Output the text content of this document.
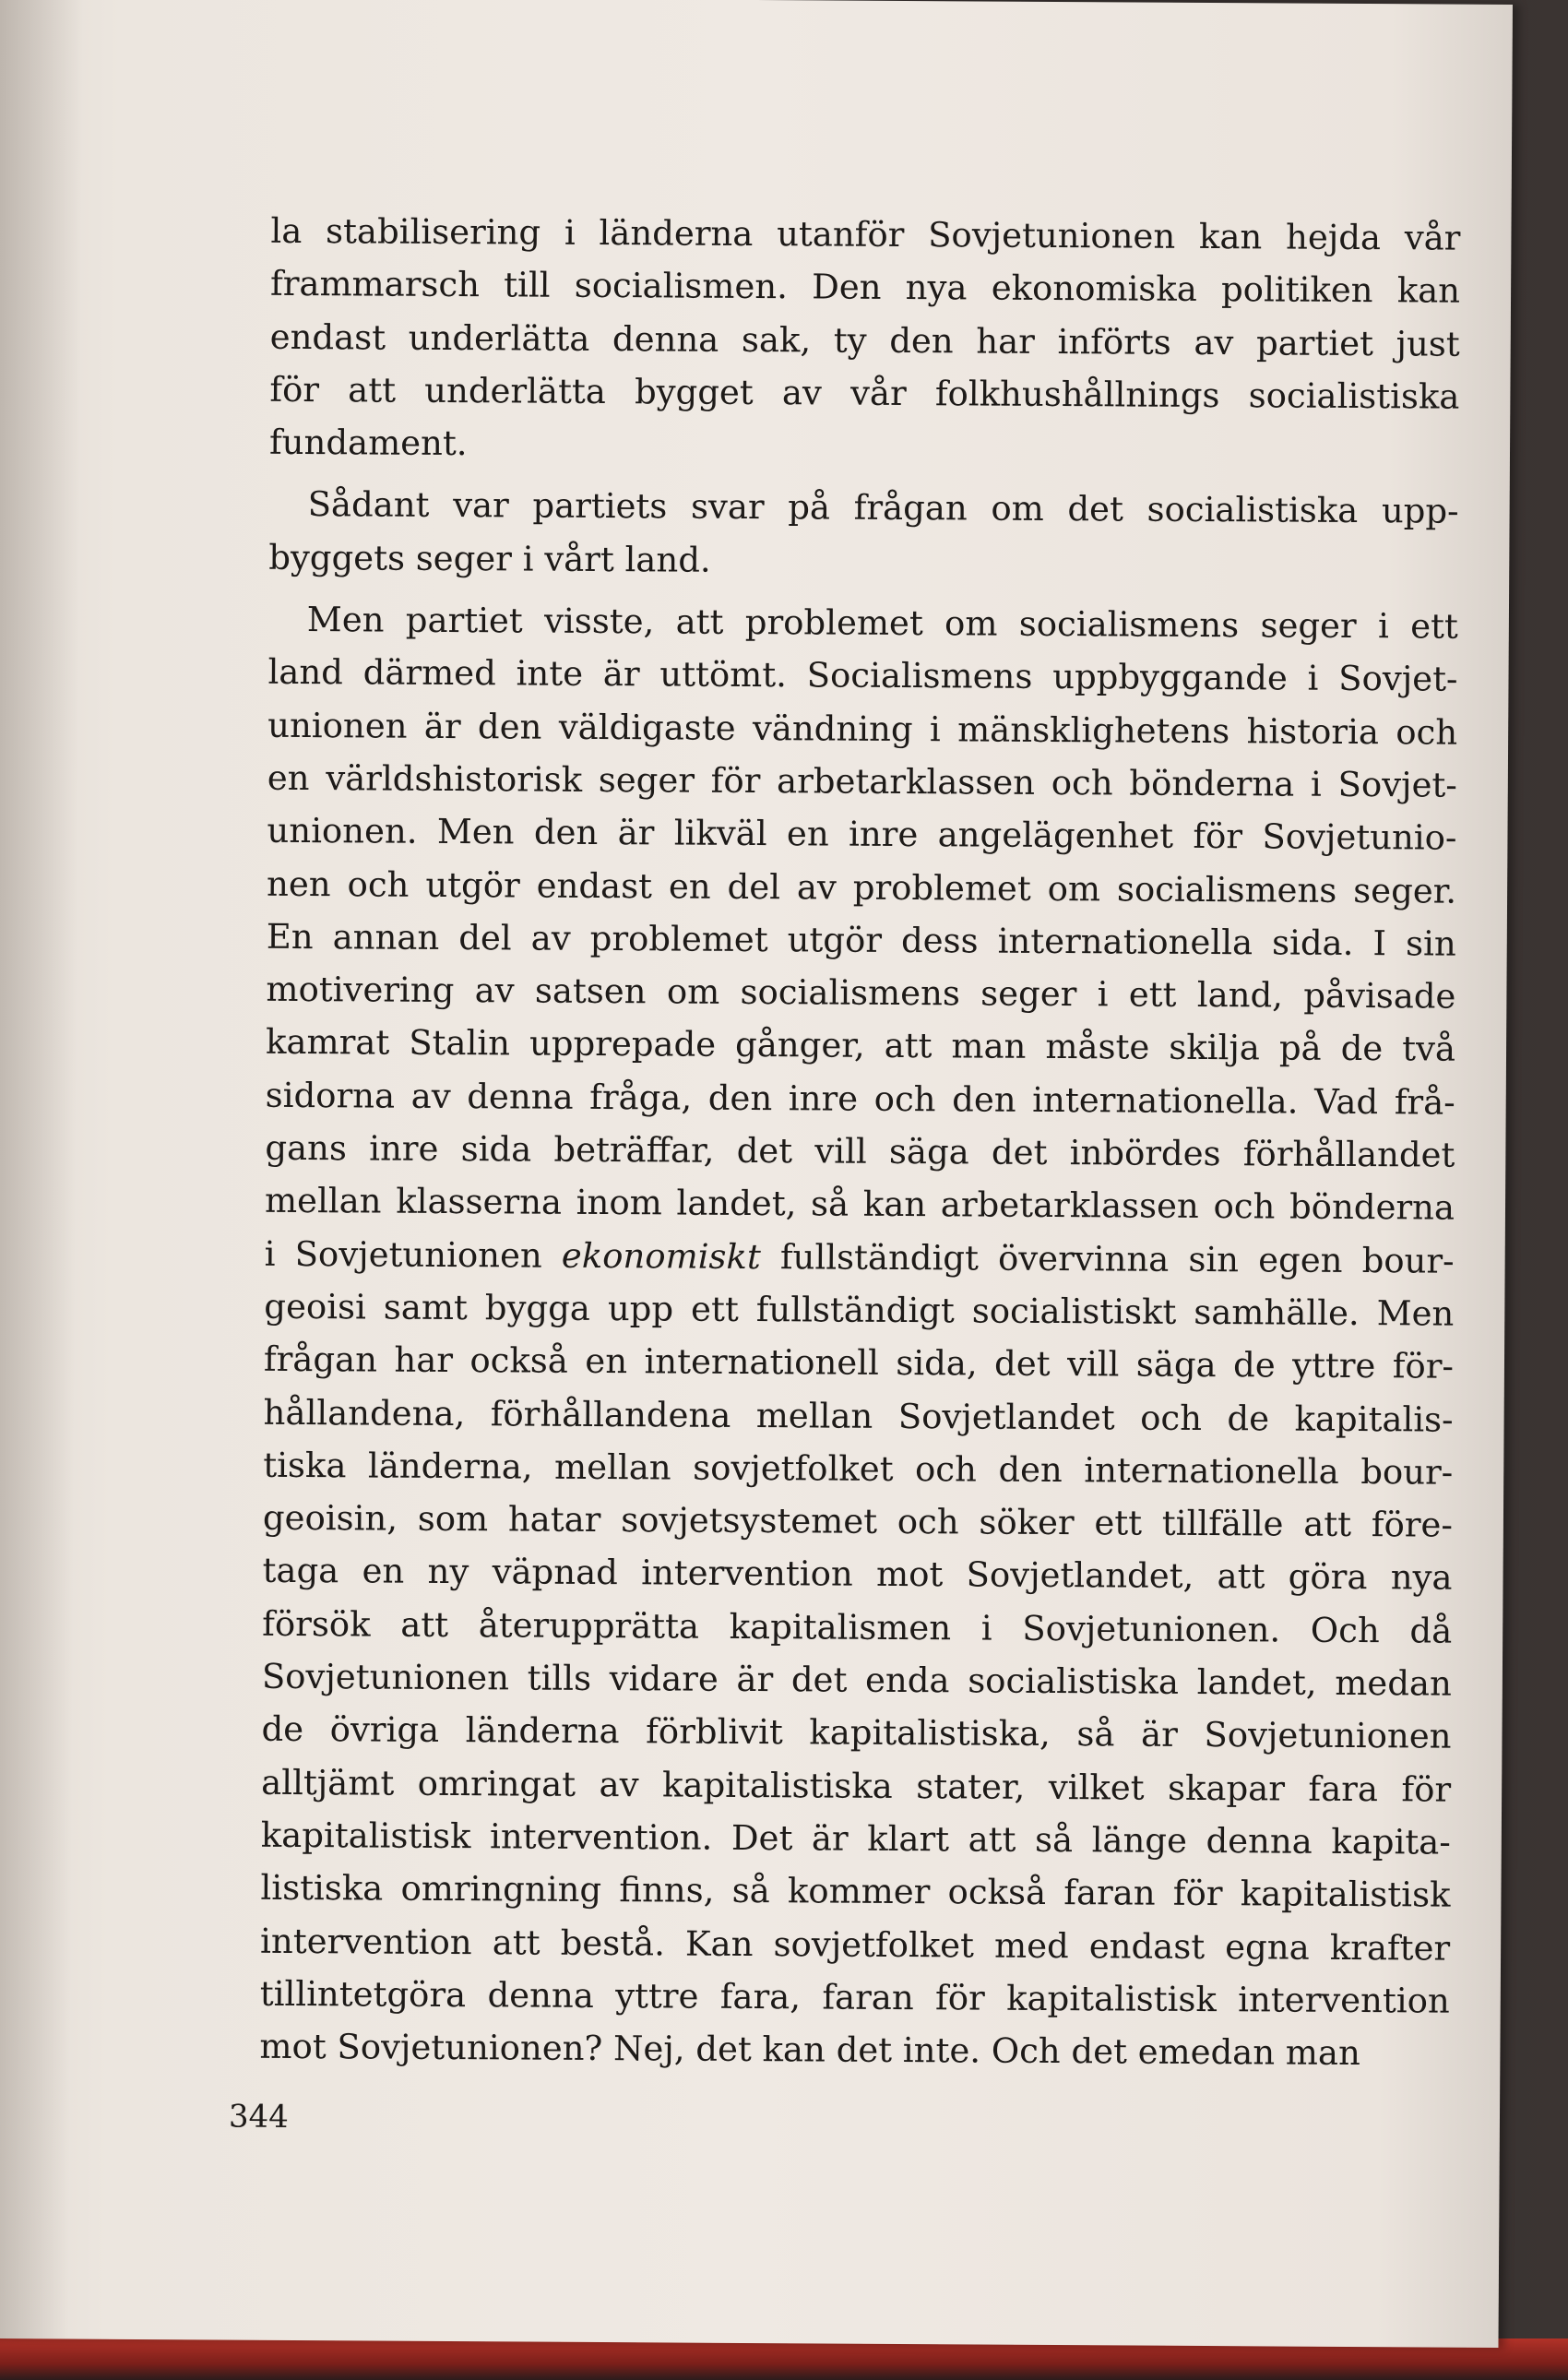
la stabilisering i länderna utanför Sovjetunionen kan hejda vår
frammarsch till socialismen. Den nya ekonomiska politiken kan
endast underlätta denna sak, ty den har införts av partiet just
för att underlätta bygget av vår folkhushållnings socialistiska
fundament.

Sådant var partiets svar på frågan om det socialistiska upp-
byggets seger i vårt land.

Men partiet visste, att problemet om socialismens seger i ett
land därmed inte är uttömt. Socialismens uppbyggande i Sovjet-
unionen är den väldigaste vändning i mänsklighetens historia och
en världshistorisk seger för arbetarklassen och bönderna i Sovjet-
unionen. Men den är likväl en inre angelägenhet för Sovjetunio-
nen och utgör endast en del av problemet om socialismens seger.
En annan del av problemet utgör dess internationella sida. I sin
motivering av satsen om socialismens seger i ett land, påvisade
kamrat Stalin upprepade gånger, att man måste skilja på de två
sidorna av denna fråga, den inre och den internationella. Vad frå-
gans inre sida beträffar, det vill säga det inbördes förhållandet
mellan klasserna inom landet, så kan arbetarklassen och bönderna
i Sovjetunionen ekonomiskt fullständigt övervinna sin egen bour-
geoisi samt bygga upp ett fullständigt socialistiskt samhälle. Men
frågan har också en internationell sida, det vill säga de yttre för-
hållandena, förhållandena mellan Sovjetlandet och de kapitalis-
tiska länderna, mellan sovjetfolket och den internationella bour-
geoisin, som hatar sovjetsystemet och söker ett tillfälle att före-
taga en ny väpnad intervention mot Sovjetlandet, att göra nya
försök att återupprätta kapitalismen i Sovjetunionen. Och då
Sovjetunionen tills vidare är det enda socialistiska landet, medan
de övriga länderna förblivit kapitalistiska, så är Sovjetunionen
alltjämt omringat av kapitalistiska stater, vilket skapar fara för
kapitalistisk intervention. Det är klart att så länge denna kapita-
listiska omringning finns, så kommer också faran för kapitalistisk
intervention att bestå. Kan sovjetfolket med endast egna krafter
tillintetgöra denna yttre fara, faran för kapitalistisk intervention
mot Sovjetunionen? Nej, det kan det inte. Och det emedan man

344
